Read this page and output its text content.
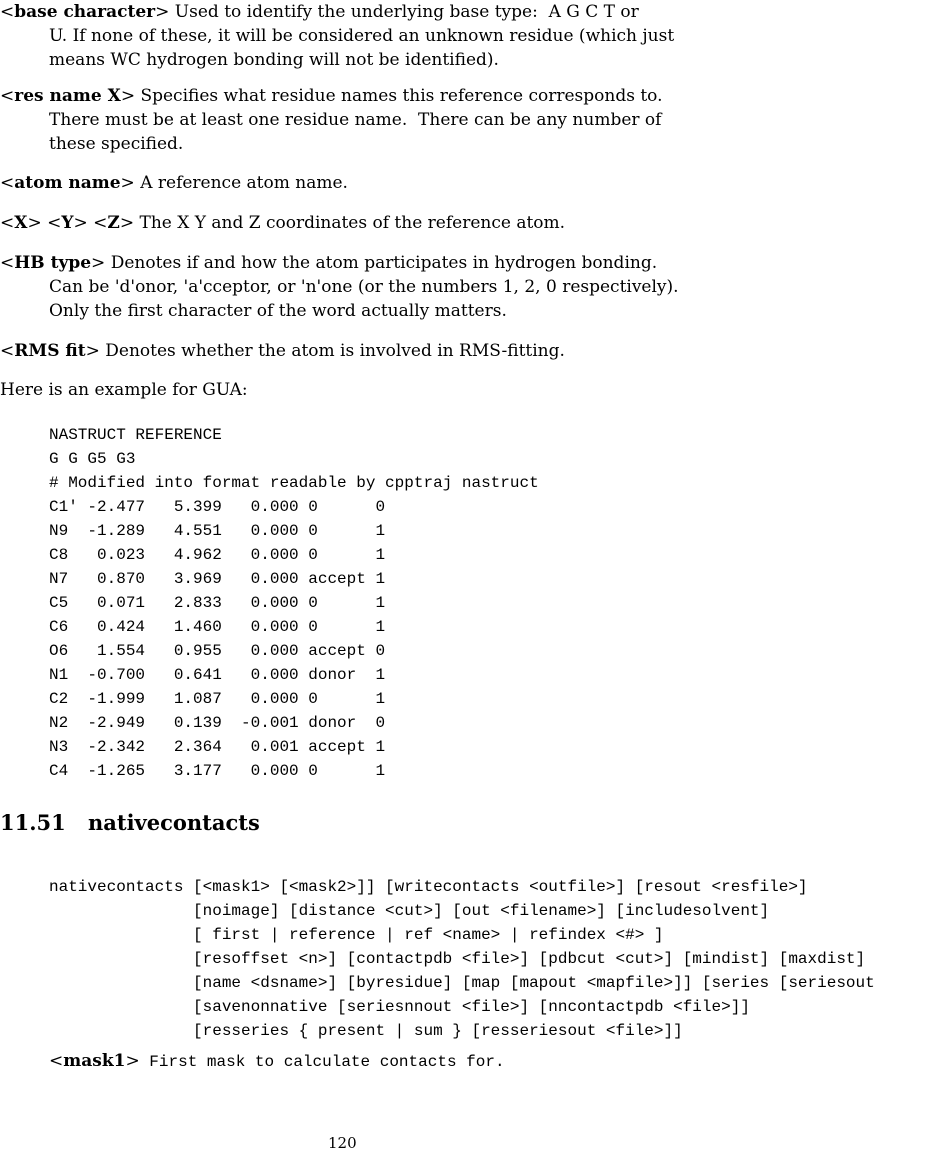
<base character> Used to identify the underlying base type:  A G C T or
U. If none of these, it will be considered an unknown residue (which just
means WC hydrogen bonding will not be identified).
<res name X> Specifies what residue names this reference corresponds to.
There must be at least one residue name.  There can be any number of
these specified.
<atom name> A reference atom name.
<X> <Y> <Z> The X Y and Z coordinates of the reference atom.
<HB type> Denotes if and how the atom participates in hydrogen bonding.
Can be 'd'onor, 'a'cceptor, or 'n'one (or the numbers 1, 2, 0 respectively).
Only the first character of the word actually matters.
<RMS fit> Denotes whether the atom is involved in RMS-fitting.
Here is an example for GUA:
NASTRUCT REFERENCE
G G G5 G3
# Modified into format readable by cpptraj nastruct
C1' -2.477   5.399   0.000 0      0
N9  -1.289   4.551   0.000 0      1
C8   0.023   4.962   0.000 0      1
N7   0.870   3.969   0.000 accept 1
C5   0.071   2.833   0.000 0      1
C6   0.424   1.460   0.000 0      1
O6   1.554   0.955   0.000 accept 0
N1  -0.700   0.641   0.000 donor  1
C2  -1.999   1.087   0.000 0      1
N2  -2.949   0.139  -0.001 donor  0
N3  -2.342   2.364   0.001 accept 1
C4  -1.265   3.177   0.000 0      1
11.51 nativecontacts
nativecontacts [<mask1> [<mask2>]] [writecontacts <outfile>] [resout <resfile>]
[noimage] [distance <cut>] [out <filename>] [includesolvent]
[ first | reference | ref <name> | refindex <#> ]
[resoffset <n>] [contactpdb <file>] [pdbcut <cut>] [mindist] [maxdist]
[name <dsname>] [byresidue] [map [mapout <mapfile>]] [series [seriesout
[savenonnative [seriesnnout <file>] [nncontactpdb <file>]]
[resseries { present | sum } [resseriesout <file>]]
<mask1> First mask to calculate contacts for.
120
